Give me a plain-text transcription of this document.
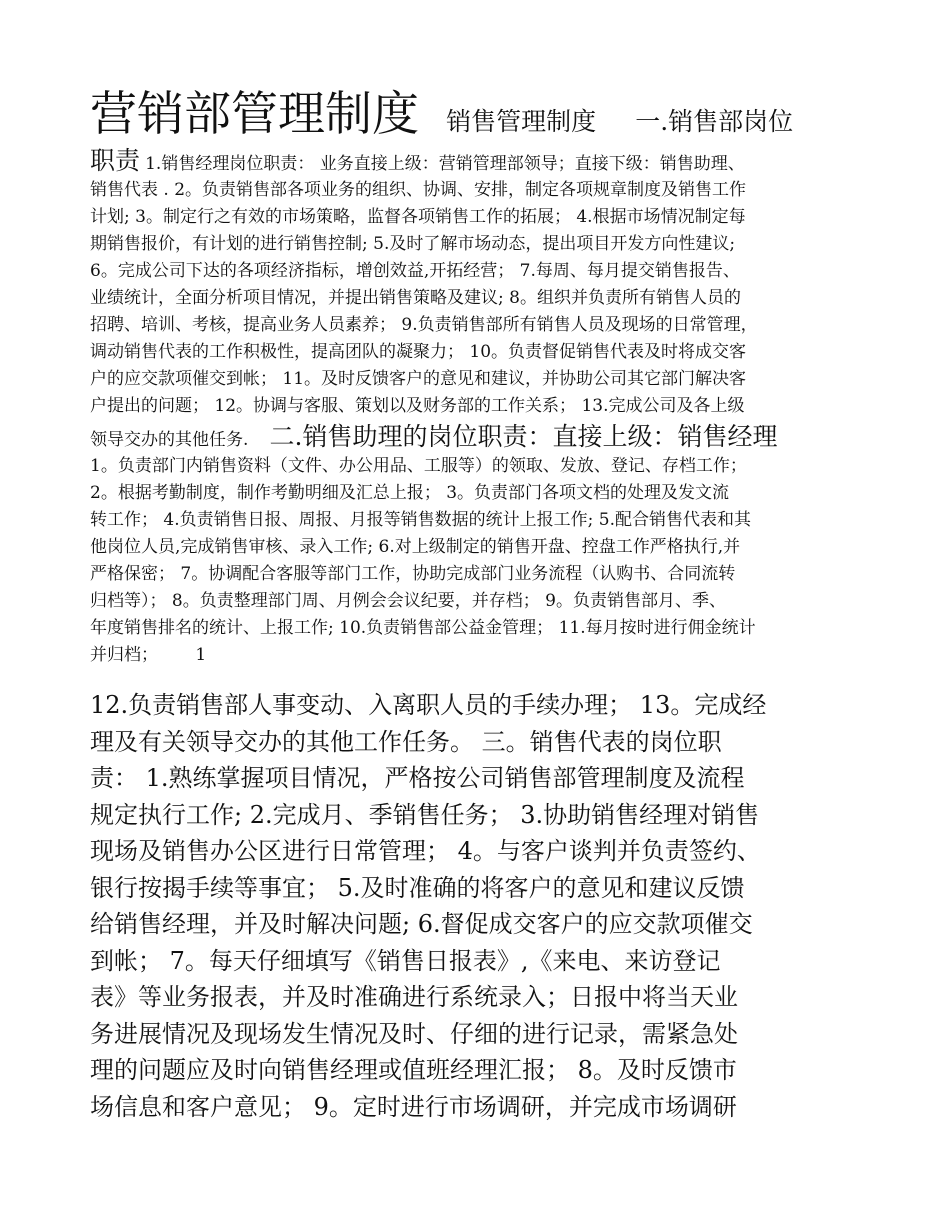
营销部管理制度 销售管理制度 一.销售部岗位

职责 1.销售经理岗位职责： 业务直接上级：营销管理部领导；直接下级：销售助理、

销售代表 . 2。负责销售部各项业务的组织、协调、安排，制定各项规章制度及销售工作

计划; 3。制定行之有效的市场策略，监督各项销售工作的拓展； 4.根据市场情况制定每

期销售报价，有计划的进行销售控制; 5.及时了解市场动态，提出项目开发方向性建议;

6。完成公司下达的各项经济指标，增创效益,开拓经营； 7.每周、每月提交销售报告、

业绩统计，全面分析项目情况，并提出销售策略及建议; 8。组织并负责所有销售人员的

招聘、培训、考核，提高业务人员素养； 9.负责销售部所有销售人员及现场的日常管理，

调动销售代表的工作积极性，提高团队的凝聚力； 10。负责督促销售代表及时将成交客

户的应交款项催交到帐； 11。及时反馈客户的意见和建议，并协助公司其它部门解决客

户提出的问题； 12。协调与客服、策划以及财务部的工作关系； 13.完成公司及各上级

领导交办的其他任务. 二.销售助理的岗位职责：直接上级：销售经理

1。负责部门内销售资料（文件、办公用品、工服等）的领取、发放、登记、存档工作；

2。根据考勤制度，制作考勤明细及汇总上报； 3。负责部门各项文档的处理及发文流

转工作； 4.负责销售日报、周报、月报等销售数据的统计上报工作; 5.配合销售代表和其

他岗位人员,完成销售审核、录入工作; 6.对上级制定的销售开盘、控盘工作严格执行,并

严格保密； 7。协调配合客服等部门工作，协助完成部门业务流程（认购书、合同流转

归档等）； 8。负责整理部门周、月例会会议纪要，并存档； 9。负责销售部月、季、

年度销售排名的统计、上报工作; 10.负责销售部公益金管理； 11.每月按时进行佣金统计

并归档； 1

12.负责销售部人事变动、入离职人员的手续办理； 13。完成经

理及有关领导交办的其他工作任务。 三。销售代表的岗位职

责： 1.熟练掌握项目情况，严格按公司销售部管理制度及流程

规定执行工作; 2.完成月、季销售任务； 3.协助销售经理对销售

现场及销售办公区进行日常管理； 4。与客户谈判并负责签约、

银行按揭手续等事宜； 5.及时准确的将客户的意见和建议反馈

给销售经理，并及时解决问题; 6.督促成交客户的应交款项催交

到帐； 7。每天仔细填写《销售日报表》,《来电、来访登记

表》等业务报表，并及时准确进行系统录入；日报中将当天业

务进展情况及现场发生情况及时、仔细的进行记录，需紧急处

理的问题应及时向销售经理或值班经理汇报； 8。及时反馈市

场信息和客户意见； 9。定时进行市场调研，并完成市场调研
